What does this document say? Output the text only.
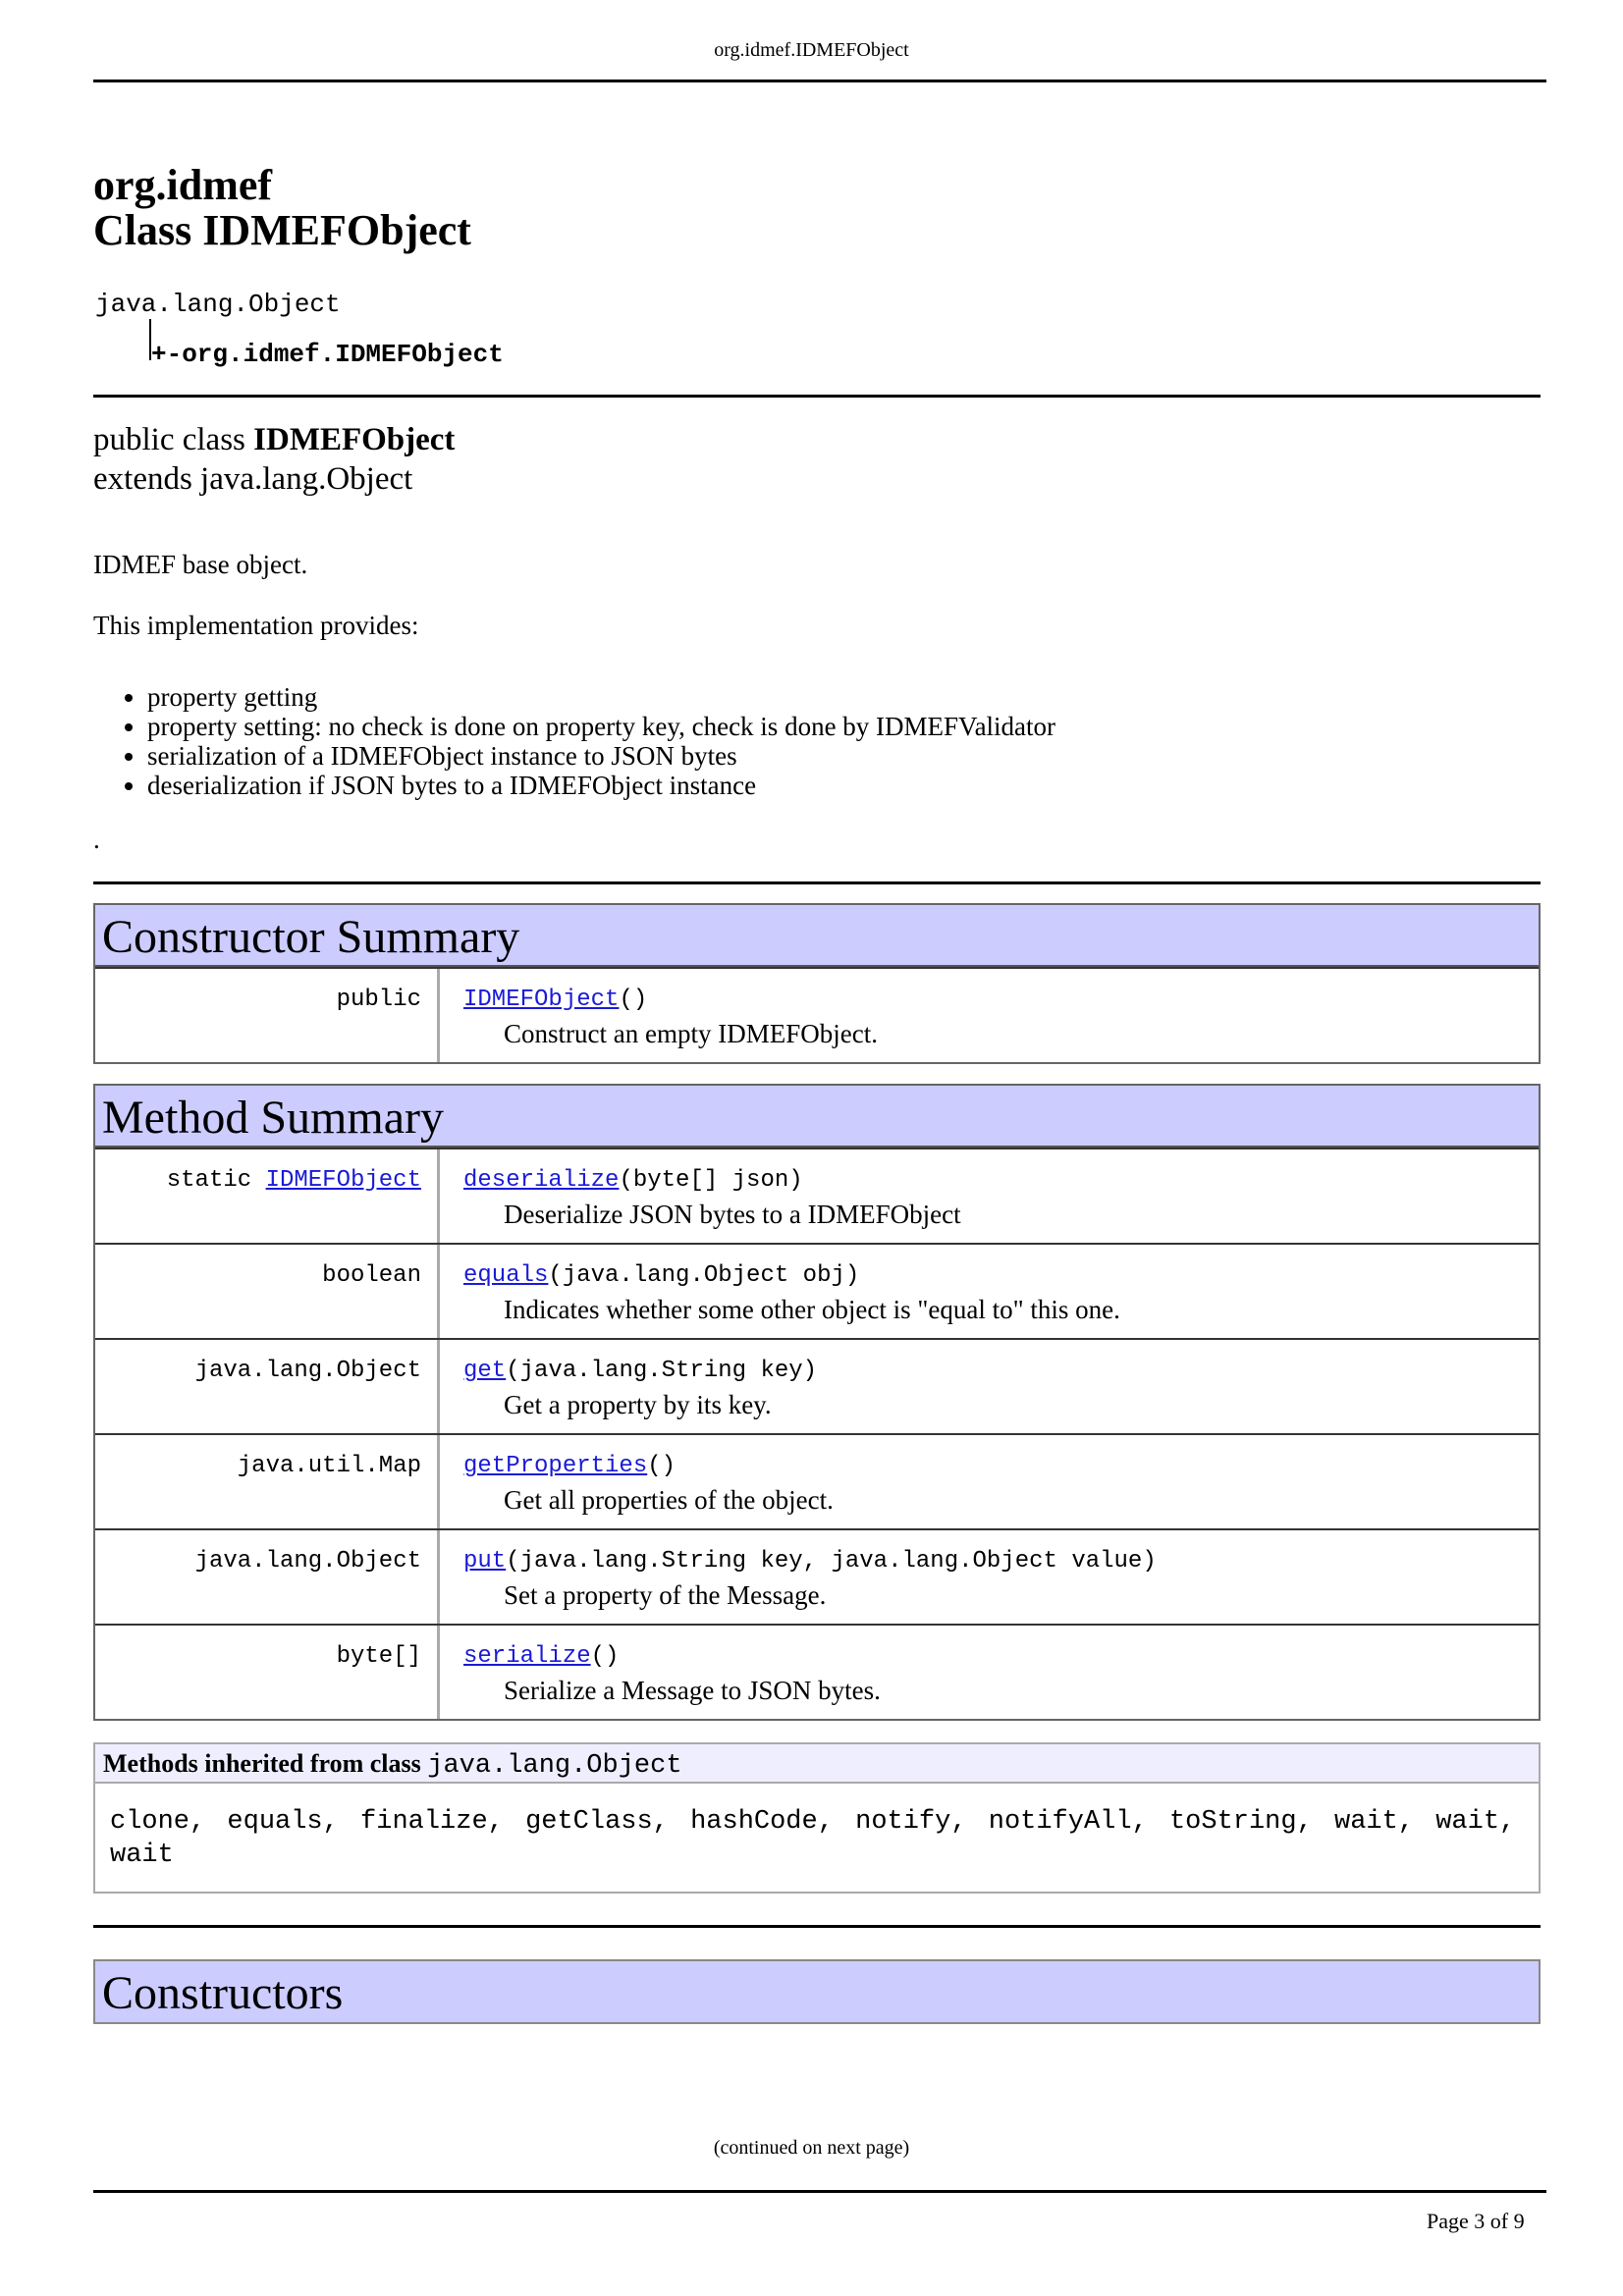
org.idmef.IDMEFObject
org.idmef
Class IDMEFObject
java.lang.Object
+-org.idmef.IDMEFObject
public class IDMEFObject
extends java.lang.Object
IDMEF base object.
This implementation provides:
• property getting
• property setting: no check is done on property key, check is done by IDMEFValidator
• serialization of a IDMEFObject instance to JSON bytes
• deserialization if JSON bytes to a IDMEFObject instance
.
Constructor Summary
public	IDMEFObject()
Construct an empty IDMEFObject.
Method Summary
static IDMEFObject	deserialize(byte[] json)
Deserialize JSON bytes to a IDMEFObject
boolean	equals(java.lang.Object obj)
Indicates whether some other object is "equal to" this one.
java.lang.Object	get(java.lang.String key)
Get a property by its key.
java.util.Map	getProperties()
Get all properties of the object.
java.lang.Object	put(java.lang.String key, java.lang.Object value)
Set a property of the Message.
byte[]	serialize()
Serialize a Message to JSON bytes.
Methods inherited from class java.lang.Object
clone, equals, finalize, getClass, hashCode, notify, notifyAll, toString, wait, wait, wait
Constructors
(continued on next page)
Page 3 of 9
